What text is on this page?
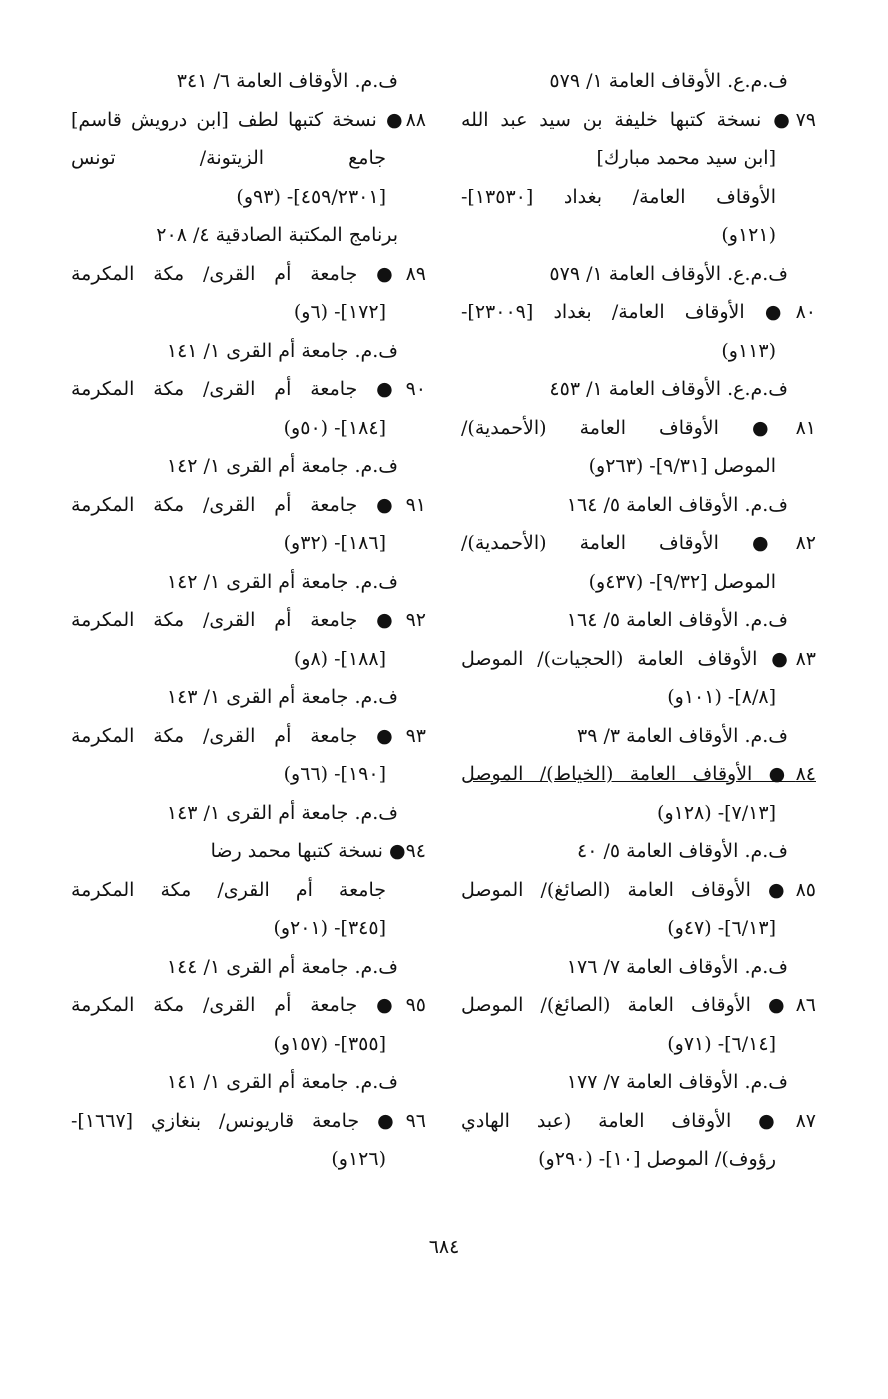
ف.م.ع. الأوقاف العامة ١/ ٥٧٩
٧٩● نسخة كتبها خليفة بن سيد عبد الله
[ابن سيد محمد مبارك]
الأوقاف العامة/ بغداد [١٣٥٣٠]-
(١٢١و)
ف.م.ع. الأوقاف العامة ١/ ٥٧٩
٨٠● الأوقاف العامة/ بغداد [٢٣٠٠٩]-
(١١٣و)
ف.م.ع. الأوقاف العامة ١/ ٤٥٣
٨١● الأوقاف العامة (الأحمدية)/
الموصل [٩/٣١]- (٢٦٣و)
ف.م. الأوقاف العامة ٥/ ١٦٤
٨٢● الأوقاف العامة (الأحمدية)/
الموصل [٩/٣٢]- (٤٣٧و)
ف.م. الأوقاف العامة ٥/ ١٦٤
٨٣● الأوقاف العامة (الحجيات)/ الموصل
[٨/٨]- (١٠١و)
ف.م. الأوقاف العامة ٣/ ٣٩
٨٤● الأوقاف العامة (الخياط)/ الموصل
[٧/١٣]- (١٢٨و)
ف.م. الأوقاف العامة ٥/ ٤٠
٨٥● الأوقاف العامة (الصائغ)/ الموصل
[٦/١٣]- (٤٧و)
ف.م. الأوقاف العامة ٧/ ١٧٦
٨٦● الأوقاف العامة (الصائغ)/ الموصل
[٦/١٤]- (٧١و)
ف.م. الأوقاف العامة ٧/ ١٧٧
٨٧● الأوقاف العامة (عبد الهادي
رؤوف)/ الموصل [١٠]- (٢٩٠و)
ف.م. الأوقاف العامة ٦/ ٣٤١
٨٨● نسخة كتبها لطف [ابن درويش قاسم]
جامع الزيتونة/ تونس
[٤٥٩/٢٣٠١]- (٩٣و)
برنامج المكتبة الصادقية ٤/ ٢٠٨
٨٩● جامعة أم القرى/ مكة المكرمة
[١٧٢]- (٦و)
ف.م. جامعة أم القرى ١/ ١٤١
٩٠● جامعة أم القرى/ مكة المكرمة
[١٨٤]- (٥٠و)
ف.م. جامعة أم القرى ١/ ١٤٢
٩١● جامعة أم القرى/ مكة المكرمة
[١٨٦]- (٣٢و)
ف.م. جامعة أم القرى ١/ ١٤٢
٩٢● جامعة أم القرى/ مكة المكرمة
[١٨٨]- (٨و)
ف.م. جامعة أم القرى ١/ ١٤٣
٩٣● جامعة أم القرى/ مكة المكرمة
[١٩٠]- (٦٦و)
ف.م. جامعة أم القرى ١/ ١٤٣
٩٤● نسخة كتبها محمد رضا
جامعة أم القرى/ مكة المكرمة
[٣٤٥]- (٢٠١و)
ف.م. جامعة أم القرى ١/ ١٤٤
٩٥● جامعة أم القرى/ مكة المكرمة
[٣٥٥]- (١٥٧و)
ف.م. جامعة أم القرى ١/ ١٤١
٩٦● جامعة قاريونس/ بنغازي [١٦٦٧]-
(١٢٦و)
٦٨٤
